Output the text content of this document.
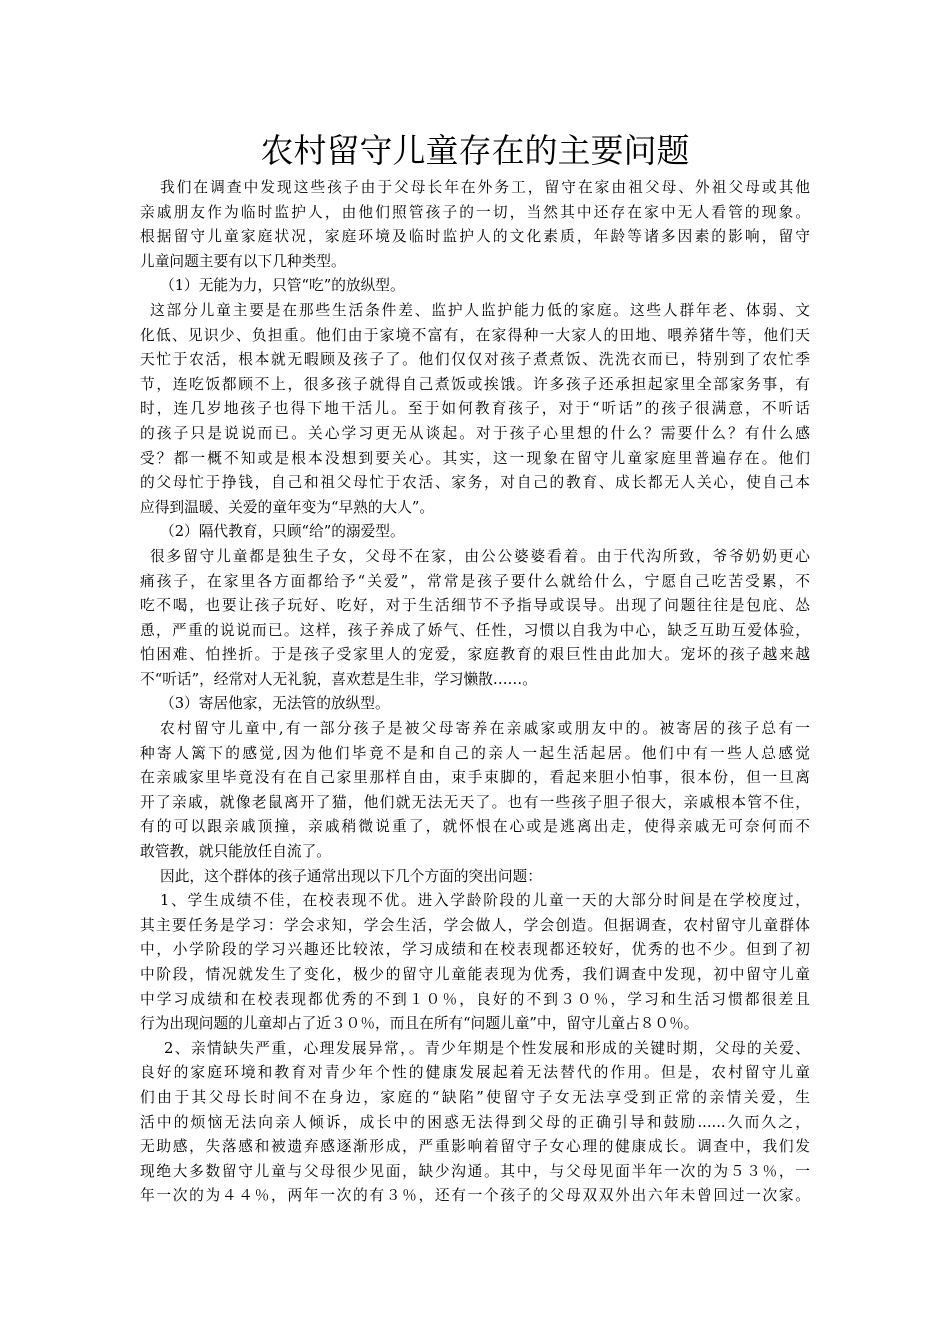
农村留守儿童存在的主要问题
我们在调查中发现这些孩子由于父母长年在外务工，留守在家由祖父母、外祖父母或其他
亲戚朋友作为临时监护人，由他们照管孩子的一切，当然其中还存在家中无人看管的现象。
根据留守儿童家庭状况，家庭环境及临时监护人的文化素质，年龄等诸多因素的影响，留守
儿童问题主要有以下几种类型。
（1）无能为力，只管“吃”的放纵型。
这部分儿童主要是在那些生活条件差、监护人监护能力低的家庭。这些人群年老、体弱、文
化低、见识少、负担重。他们由于家境不富有，在家得种一大家人的田地、喂养猪牛等，他们天
天忙于农活，根本就无暇顾及孩子了。他们仅仅对孩子煮煮饭、洗洗衣而已，特别到了农忙季
节，连吃饭都顾不上，很多孩子就得自己煮饭或挨饿。许多孩子还承担起家里全部家务事，有
时，连几岁地孩子也得下地干活儿。至于如何教育孩子，对于“听话”的孩子很满意，不听话
的孩子只是说说而已。关心学习更无从谈起。对于孩子心里想的什么？需要什么？有什么感
受？都一概不知或是根本没想到要关心。其实，这一现象在留守儿童家庭里普遍存在。他们
的父母忙于挣钱，自己和祖父母忙于农活、家务，对自己的教育、成长都无人关心，使自己本
应得到温暖、关爱的童年变为“早熟的大人”。
（2）隔代教育，只顾“给”的溺爱型。
很多留守儿童都是独生子女，父母不在家，由公公婆婆看着。由于代沟所致，爷爷奶奶更心
痛孩子，在家里各方面都给予“关爱”，常常是孩子要什么就给什么，宁愿自己吃苦受累，不
吃不喝，也要让孩子玩好、吃好，对于生活细节不予指导或误导。出现了问题往往是包庇、怂
恿，严重的说说而已。这样，孩子养成了娇气、任性，习惯以自我为中心，缺乏互助互爱体验，
怕困难、怕挫折。于是孩子受家里人的宠爱，家庭教育的艰巨性由此加大。宠坏的孩子越来越
不“听话”，经常对人无礼貌，喜欢惹是生非，学习懒散……。
（3）寄居他家，无法管的放纵型。
农村留守儿童中,有一部分孩子是被父母寄养在亲戚家或朋友中的。被寄居的孩子总有一
种寄人篱下的感觉,因为他们毕竟不是和自己的亲人一起生活起居。他们中有一些人总感觉
在亲戚家里毕竟没有在自己家里那样自由，束手束脚的，看起来胆小怕事，很本份，但一旦离
开了亲戚，就像老鼠离开了猫，他们就无法无天了。也有一些孩子胆子很大，亲戚根本管不住，
有的可以跟亲戚顶撞，亲戚稍微说重了，就怀恨在心或是逃离出走，使得亲戚无可奈何而不
敢管教，就只能放任自流了。
因此，这个群体的孩子通常出现以下几个方面的突出问题：
1、学生成绩不佳，在校表现不优。进入学龄阶段的儿童一天的大部分时间是在学校度过，
其主要任务是学习：学会求知，学会生活，学会做人，学会创造。但据调查，农村留守儿童群体
中，小学阶段的学习兴趣还比较浓，学习成绩和在校表现都还较好，优秀的也不少。但到了初
中阶段，情况就发生了变化，极少的留守儿童能表现为优秀，我们调查中发现，初中留守儿童
中学习成绩和在校表现都优秀的不到１０％，良好的不到３０％，学习和生活习惯都很差且
行为出现问题的儿童却占了近３０％，而且在所有“问题儿童”中，留守儿童占８０％。
2、亲情缺失严重，心理发展异常，。青少年期是个性发展和形成的关键时期，父母的关爱、
良好的家庭环境和教育对青少年个性的健康发展起着无法替代的作用。但是，农村留守儿童
们由于其父母长时间不在身边，家庭的“缺陷”使留守子女无法享受到正常的亲情关爱，生
活中的烦恼无法向亲人倾诉，成长中的困惑无法得到父母的正确引导和鼓励......久而久之，
无助感，失落感和被遗弃感逐渐形成，严重影响着留守子女心理的健康成长。调查中，我们发
现绝大多数留守儿童与父母很少见面，缺少沟通。其中，与父母见面半年一次的为５３％，一
年一次的为４４％，两年一次的有３％，还有一个孩子的父母双双外出六年未曾回过一次家。
